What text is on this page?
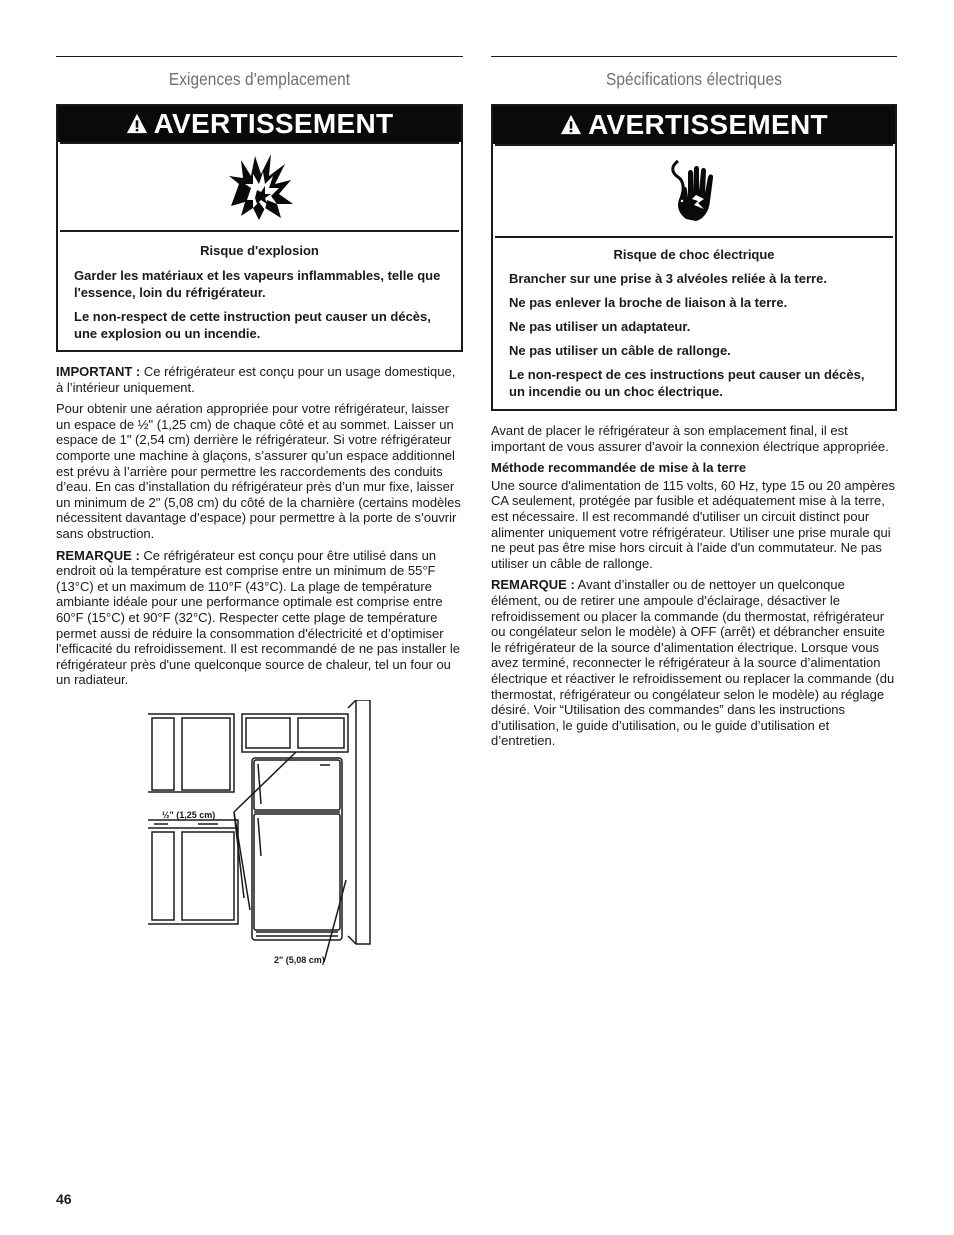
Exigences d'emplacement
AVERTISSEMENT
Risque d'explosion

Garder les matériaux et les vapeurs inflammables, telle que l'essence, loin du réfrigérateur.

Le non-respect de cette instruction peut causer un décès, une explosion ou un incendie.

IMPORTANT : Ce réfrigérateur est conçu pour un usage domestique, à l’intérieur uniquement.

Pour obtenir une aération appropriée pour votre réfrigérateur, laisser un espace de ½" (1,25 cm) de chaque côté et au sommet. Laisser un espace de 1" (2,54 cm) derrière le réfrigérateur. Si votre réfrigérateur comporte une machine à glaçons, s’assurer qu’un espace additionnel est prévu à l’arrière pour permettre les raccordements des conduits d’eau. En cas d’installation du réfrigérateur près d’un mur fixe, laisser un minimum de 2" (5,08 cm) du côté de la charnière (certains modèles nécessitent davantage d’espace) pour permettre à la porte de s’ouvrir sans obstruction.

REMARQUE : Ce réfrigérateur est conçu pour être utilisé dans un endroit où la température est comprise entre un minimum de 55°F (13°C) et un maximum de 110°F (43°C). La plage de température ambiante idéale pour une performance optimale est comprise entre 60°F (15°C) et 90°F (32°C). Respecter cette plage de température permet aussi de réduire la consommation d'électricité et d’optimiser l'efficacité du refroidissement. Il est recommandé de ne pas installer le réfrigérateur près d'une quelconque source de chaleur, tel un four ou un radiateur.

½" (1,25 cm)
2" (5,08 cm)
Spécifications électriques
AVERTISSEMENT
Risque de choc électrique

Brancher sur une prise à 3 alvéoles reliée à la terre.

Ne pas enlever la broche de liaison à la terre.

Ne pas utiliser un adaptateur.

Ne pas utiliser un câble de rallonge.

Le non-respect de ces instructions peut causer un décès, un incendie ou un choc électrique.

Avant de placer le réfrigérateur à son emplacement final, il est important de vous assurer d'avoir la connexion électrique appropriée.

Méthode recommandée de mise à la terre

Une source d'alimentation de 115 volts, 60 Hz, type 15 ou 20 ampères CA seulement, protégée par fusible et adéquatement mise à la terre, est nécessaire. Il est recommandé d'utiliser un circuit distinct pour alimenter uniquement votre réfrigérateur. Utiliser une prise murale qui ne peut pas être mise hors circuit à l'aide d'un commutateur. Ne pas utiliser un câble de rallonge.

REMARQUE : Avant d’installer ou de nettoyer un quelconque élément, ou de retirer une ampoule d’éclairage, désactiver le refroidissement ou placer la commande (du thermostat, réfrigérateur ou congélateur selon le modèle) à OFF (arrêt) et débrancher ensuite le réfrigérateur de la source d’alimentation électrique. Lorsque vous avez terminé, reconnecter le réfrigérateur à la source d’alimentation électrique et réactiver le refroidissement ou replacer la commande (du thermostat, réfrigérateur ou congélateur selon le modèle) au réglage désiré. Voir “Utilisation des commandes” dans les instructions d’utilisation, le guide d’utilisation, ou le guide d’utilisation et d’entretien.

46
